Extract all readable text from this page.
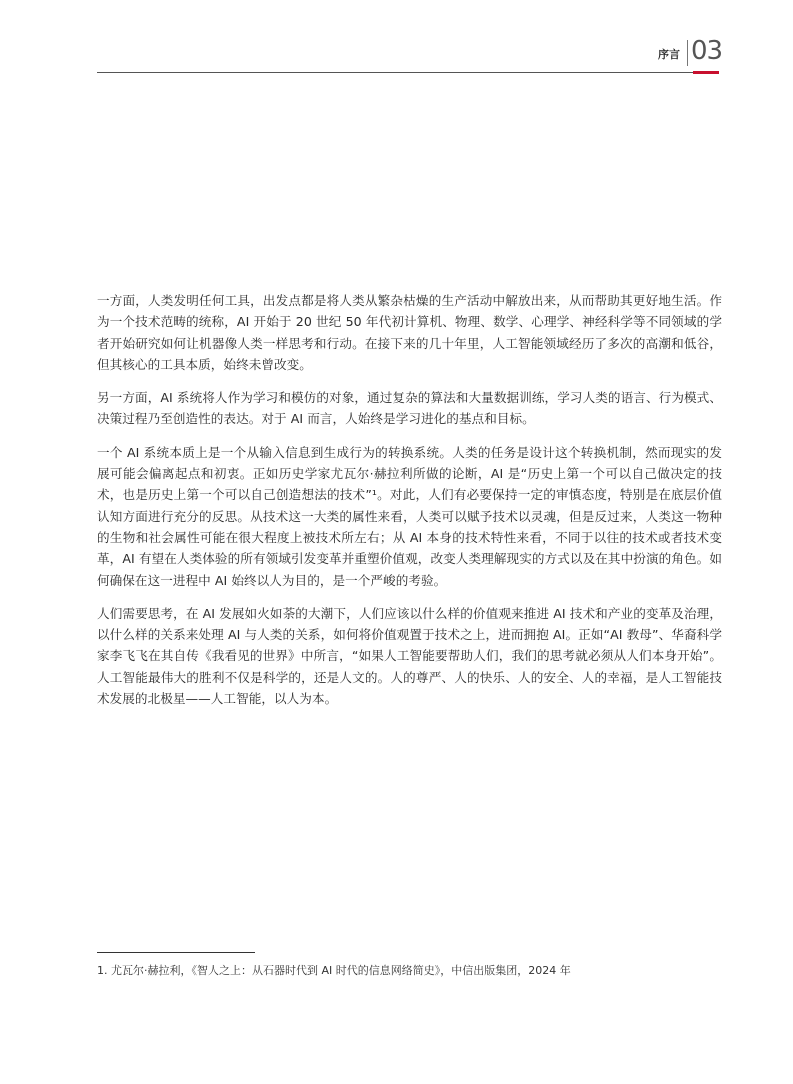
序言 03

一方面，人类发明任何工具，出发点都是将人类从繁杂枯燥的生产活动中解放出来，从而帮助其更好地生活。作为一个技术范畴的统称，AI 开始于 20 世纪 50 年代初计算机、物理、数学、心理学、神经科学等不同领域的学者开始研究如何让机器像人类一样思考和行动。在接下来的几十年里，人工智能领域经历了多次的高潮和低谷，但其核心的工具本质，始终未曾改变。

另一方面，AI 系统将人作为学习和模仿的对象，通过复杂的算法和大量数据训练，学习人类的语言、行为模式、决策过程乃至创造性的表达。对于 AI 而言，人始终是学习进化的基点和目标。

一个 AI 系统本质上是一个从输入信息到生成行为的转换系统。人类的任务是设计这个转换机制，然而现实的发展可能会偏离起点和初衷。正如历史学家尤瓦尔·赫拉利所做的论断，AI 是“历史上第一个可以自己做决定的技术，也是历史上第一个可以自己创造想法的技术”¹。对此，人们有必要保持一定的审慎态度，特别是在底层价值认知方面进行充分的反思。从技术这一大类的属性来看，人类可以赋予技术以灵魂，但是反过来，人类这一物种的生物和社会属性可能在很大程度上被技术所左右；从 AI 本身的技术特性来看，不同于以往的技术或者技术变革，AI 有望在人类体验的所有领域引发变革并重塑价值观，改变人类理解现实的方式以及在其中扮演的角色。如何确保在这一进程中 AI 始终以人为目的，是一个严峻的考验。

人们需要思考，在 AI 发展如火如荼的大潮下，人们应该以什么样的价值观来推进 AI 技术和产业的变革及治理，以什么样的关系来处理 AI 与人类的关系，如何将价值观置于技术之上，进而拥抱 AI。正如“AI 教母”、华裔科学家李飞飞在其自传《我看见的世界》中所言，“如果人工智能要帮助人们，我们的思考就必须从人们本身开始”。人工智能最伟大的胜利不仅是科学的，还是人文的。人的尊严、人的快乐、人的安全、人的幸福，是人工智能技术发展的北极星——人工智能，以人为本。

1. 尤瓦尔·赫拉利，《智人之上：从石器时代到 AI 时代的信息网络简史》，中信出版集团，2024 年
